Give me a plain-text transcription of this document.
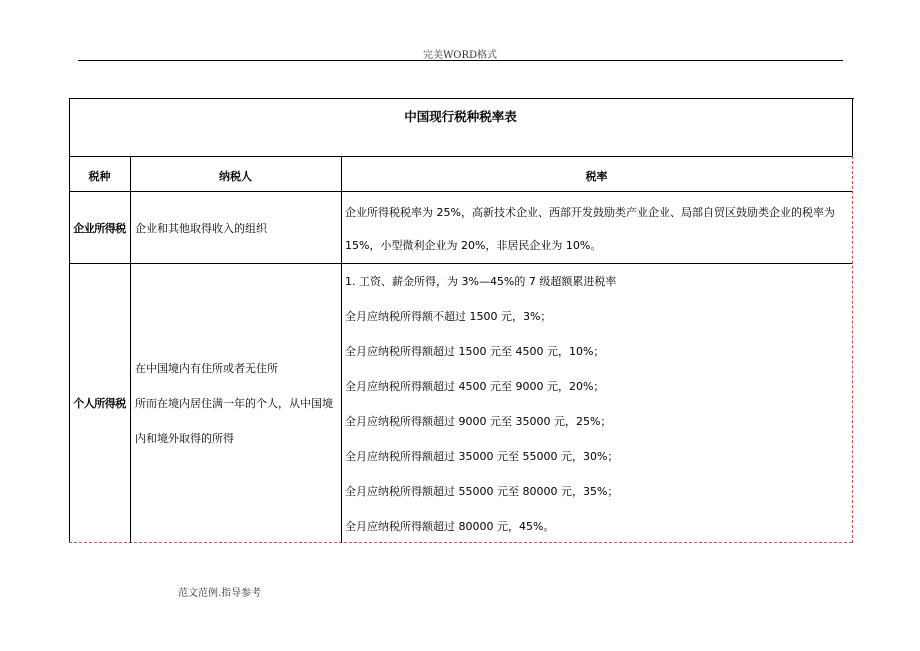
完美WORD格式
中国现行税种税率表
税种	纳税人	税率
企业所得税 企业和其他取得收入的组织
企业所得税税率为 25%，高新技术企业、西部开发鼓励类产业企业、局部自贸区鼓励类企业的税率为
15%，小型微利企业为 20%，非居民企业为 10%。
个人所得税
在中国境内有住所或者无住所
所而在境内居住满一年的个人，从中国境
内和境外取得的所得
1. 工资、薪金所得，为 3%—45%的 7 级超额累进税率
全月应纳税所得额不超过 1500 元，3%；
全月应纳税所得额超过 1500 元至 4500 元，10%；
全月应纳税所得额超过 4500 元至 9000 元，20%；
全月应纳税所得额超过 9000 元至 35000 元，25%；
全月应纳税所得额超过 35000 元至 55000 元，30%；
全月应纳税所得额超过 55000 元至 80000 元，35%；
全月应纳税所得额超过 80000 元，45%。
范文范例.指导参考
